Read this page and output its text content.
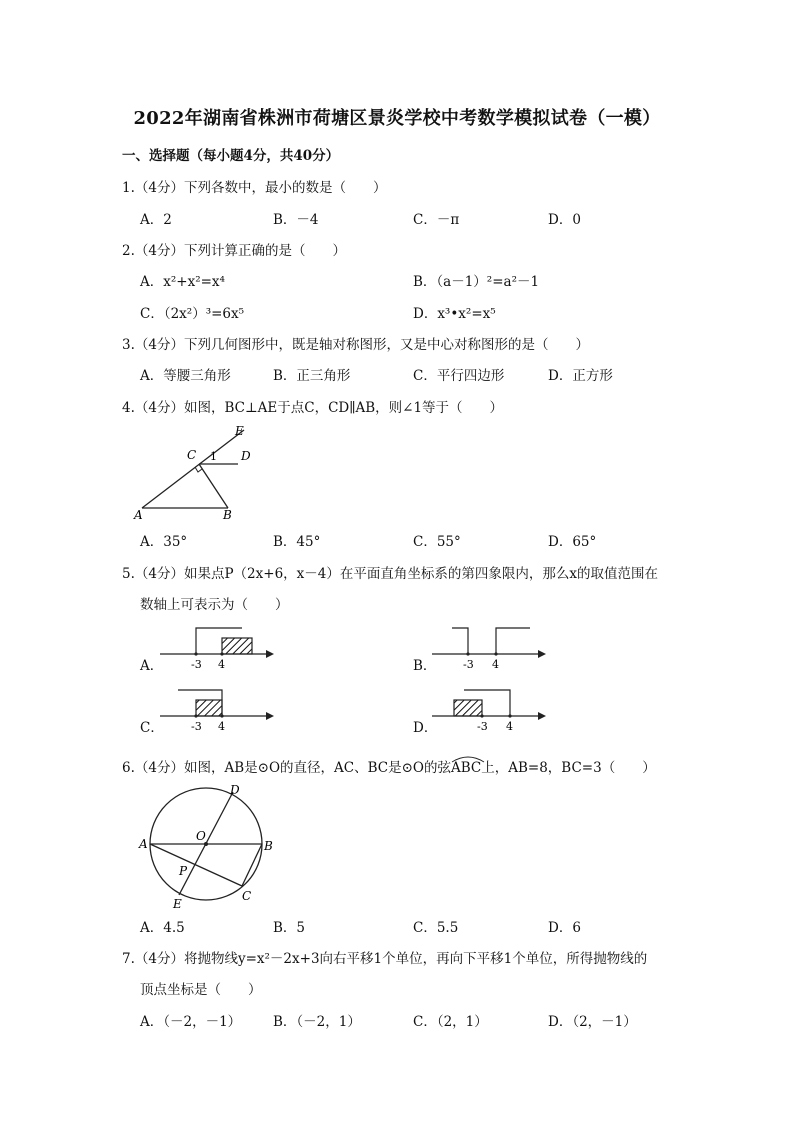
2022年湖南省株洲市荷塘区景炎学校中考数学模拟试卷（一模）
一、选择题（每小题4分，共40分）
1.（4分）下列各数中，最小的数是（　　）
A．2	B．－4	C．－π	D．0
2.（4分）下列计算正确的是（　　）
A．x²+x²=x⁴	B．（a－1）²=a²－1
C．（2x²）³=6x⁵	D．x³•x²=x⁵
3.（4分）下列几何图形中，既是轴对称图形，又是中心对称图形的是（　　）
A．等腰三角形	B．正三角形	C．平行四边形	D．正方形
4.（4分）如图，BC⊥AE于点C，CD∥AB，则∠1等于（　　）
E
C 1 D
A	B
A．35°	B．45°	C．55°	D．65°
5.（4分）如果点P（2x+6，x－4）在平面直角坐标系的第四象限内，那么x的取值范围在
数轴上可表示为（　　）
A．	-3 4	B． -3 4
C． -3 4	D．	-3 4
6.（4分）如图，AB是⊙O的直径，AC、BC是⊙O的弦
ABC上，AB=8，BC=3（　　）
D
O
A	B
P
C
E
A．4.5	B．5	C．5.5	D．6
7.（4分）将抛物线y=x²－2x+3向右平移1个单位，再向下平移1个单位，所得抛物线的
顶点坐标是（　　）
A．（－2，－1） B．（－2，1）	C．（2，1）	D．（2，－1）
